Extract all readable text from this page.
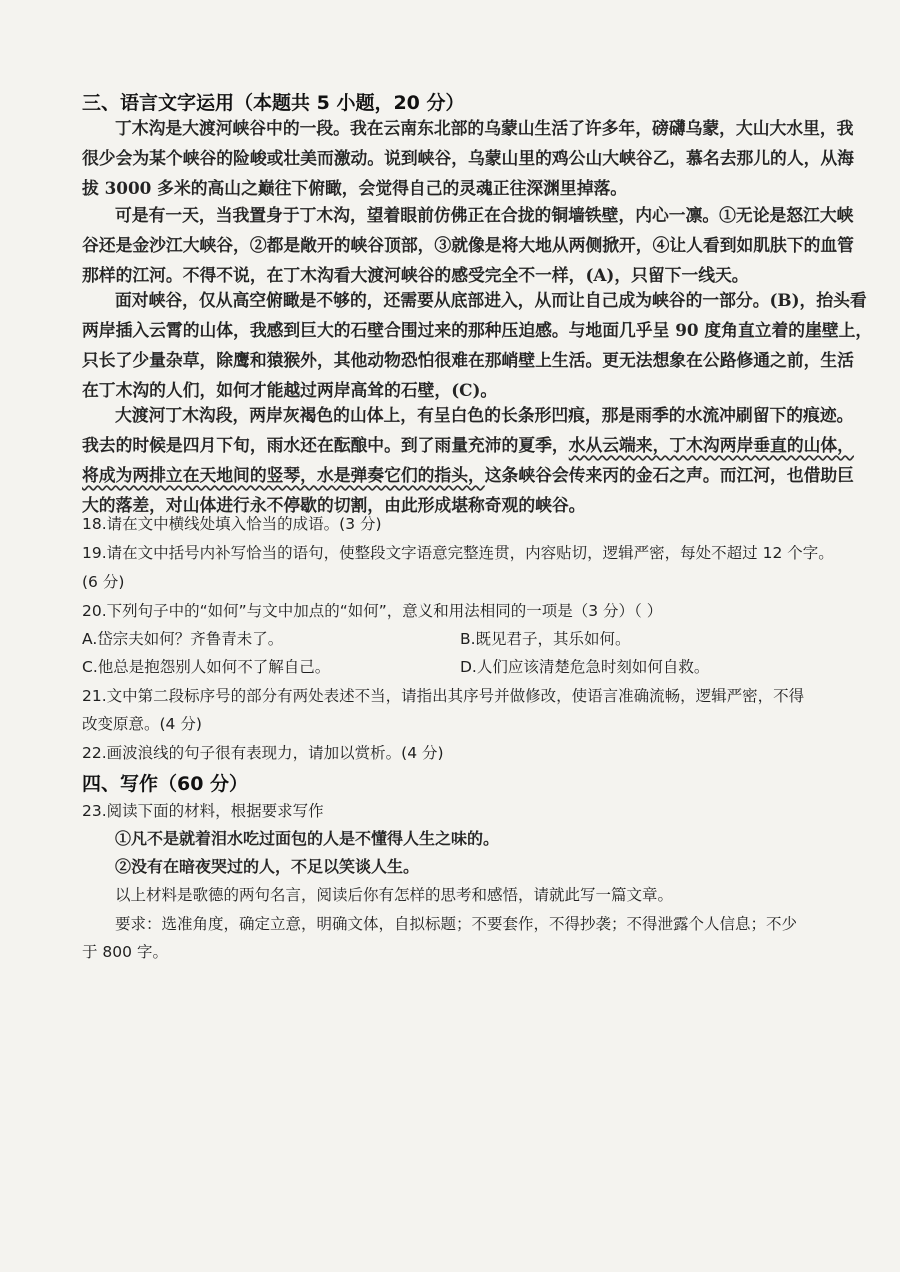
三、语言文字运用（本题共 5 小题，20 分）
丁木沟是大渡河峡谷中的一段。我在云南东北部的乌蒙山生活了许多年，磅礴乌蒙，大山大水里，我
很少会为某个峡谷的险峻或壮美而激动。说到峡谷，乌蒙山里的鸡公山大峡谷乙，慕名去那儿的人，从海
拔 3000 多米的高山之巅往下俯瞰，会觉得自己的灵魂正往深渊里掉落。
可是有一天，当我置身于丁木沟，望着眼前仿佛正在合拢的铜墙铁壁，内心一凛。①无论是怒江大峡
谷还是金沙江大峡谷，②都是敞开的峡谷顶部，③就像是将大地从两侧掀开，④让人看到如肌肤下的血管
那样的江河。不得不说，在丁木沟看大渡河峡谷的感受完全不一样，(A)，只留下一线天。
面对峡谷，仅从高空俯瞰是不够的，还需要从底部进入，从而让自己成为峡谷的一部分。(B)，抬头看
两岸插入云霄的山体，我感到巨大的石壁合围过来的那种压迫感。与地面几乎呈 90 度角直立着的崖壁上，
只长了少量杂草，除鹰和猿猴外，其他动物恐怕很难在那峭壁上生活。更无法想象在公路修通之前，生活
在丁木沟的人们，如何才能越过两岸高耸的石壁，(C)。
大渡河丁木沟段，两岸灰褐色的山体上，有呈白色的长条形凹痕，那是雨季的水流冲刷留下的痕迹。
我去的时候是四月下旬，雨水还在酝酿中。到了雨量充沛的夏季，水从云端来，丁木沟两岸垂直的山体，
将成为两排立在天地间的竖琴，水是弹奏它们的指头，这条峡谷会传来丙的金石之声。而江河，也借助巨
大的落差，对山体进行永不停歇的切割，由此形成堪称奇观的峡谷。
18.请在文中横线处填入恰当的成语。(3 分)
19.请在文中括号内补写恰当的语句，使整段文字语意完整连贯，内容贴切，逻辑严密，每处不超过 12 个字。
(6 分)
20.下列句子中的“如何”与文中加点的“如何”，意义和用法相同的一项是（3 分）（ ）
A.岱宗夫如何？齐鲁青未了。	B.既见君子，其乐如何。
C.他总是抱怨别人如何不了解自己。	D.人们应该清楚危急时刻如何自救。
21.文中第二段标序号的部分有两处表述不当，请指出其序号并做修改，使语言准确流畅，逻辑严密，不得
改变原意。(4 分)
22.画波浪线的句子很有表现力，请加以赏析。(4 分)
四、写作（60 分）
23.阅读下面的材料，根据要求写作
①凡不是就着泪水吃过面包的人是不懂得人生之味的。
②没有在暗夜哭过的人，不足以笑谈人生。
以上材料是歌德的两句名言，阅读后你有怎样的思考和感悟，请就此写一篇文章。
要求：选准角度，确定立意，明确文体，自拟标题；不要套作，不得抄袭；不得泄露个人信息；不少
于 800 字。
